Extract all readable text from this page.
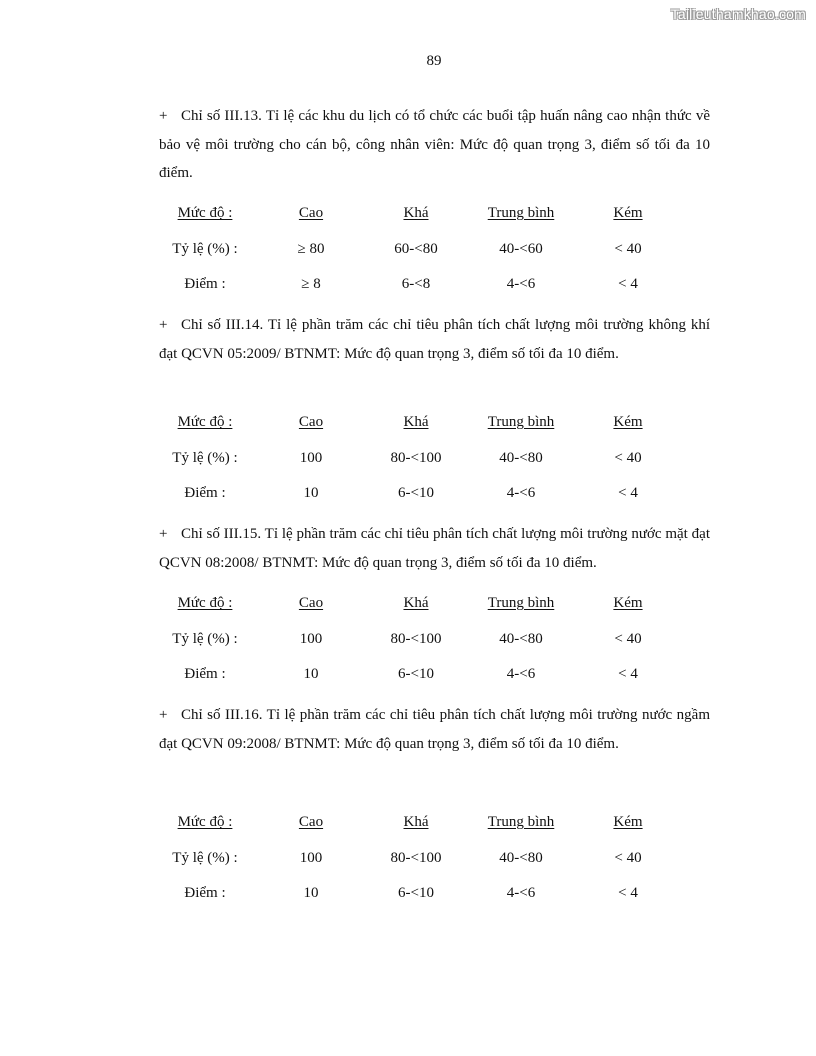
Tailieuthamkhao.com
89
+ Chỉ số III.13. Tỉ lệ các khu du lịch có tổ chức các buổi tập huấn nâng cao nhận thức về bảo vệ môi trường cho cán bộ, công nhân viên: Mức độ quan trọng 3, điểm số tối đa 10 điểm.
Mức độ :	Cao	Khá	Trung bình	Kém
Tỷ lệ (%) :	≥ 80	60-<80	40-<60	< 40
Điểm :	≥ 8	6-<8	4-<6	< 4
+ Chỉ số III.14. Tỉ lệ phần trăm các chỉ tiêu phân tích chất lượng môi trường không khí đạt QCVN 05:2009/ BTNMT: Mức độ quan trọng 3, điểm số tối đa 10 điểm.
Mức độ :	Cao	Khá	Trung bình	Kém
Tỷ lệ (%) :	100	80-<100	40-<80	< 40
Điểm :	10	6-<10	4-<6	< 4
+ Chỉ số III.15. Tỉ lệ phần trăm các chỉ tiêu phân tích chất lượng môi trường nước mặt đạt QCVN 08:2008/ BTNMT: Mức độ quan trọng 3, điểm số tối đa 10 điểm.
Mức độ :	Cao	Khá	Trung bình	Kém
Tỷ lệ (%) :	100	80-<100	40-<80	< 40
Điểm :	10	6-<10	4-<6	< 4
+ Chỉ số III.16. Tỉ lệ phần trăm các chỉ tiêu phân tích chất lượng môi trường nước ngầm đạt QCVN 09:2008/ BTNMT: Mức độ quan trọng 3, điểm số tối đa 10 điểm.
Mức độ :	Cao	Khá	Trung bình	Kém
Tỷ lệ (%) :	100	80-<100	40-<80	< 40
Điểm :	10	6-<10	4-<6	< 4
